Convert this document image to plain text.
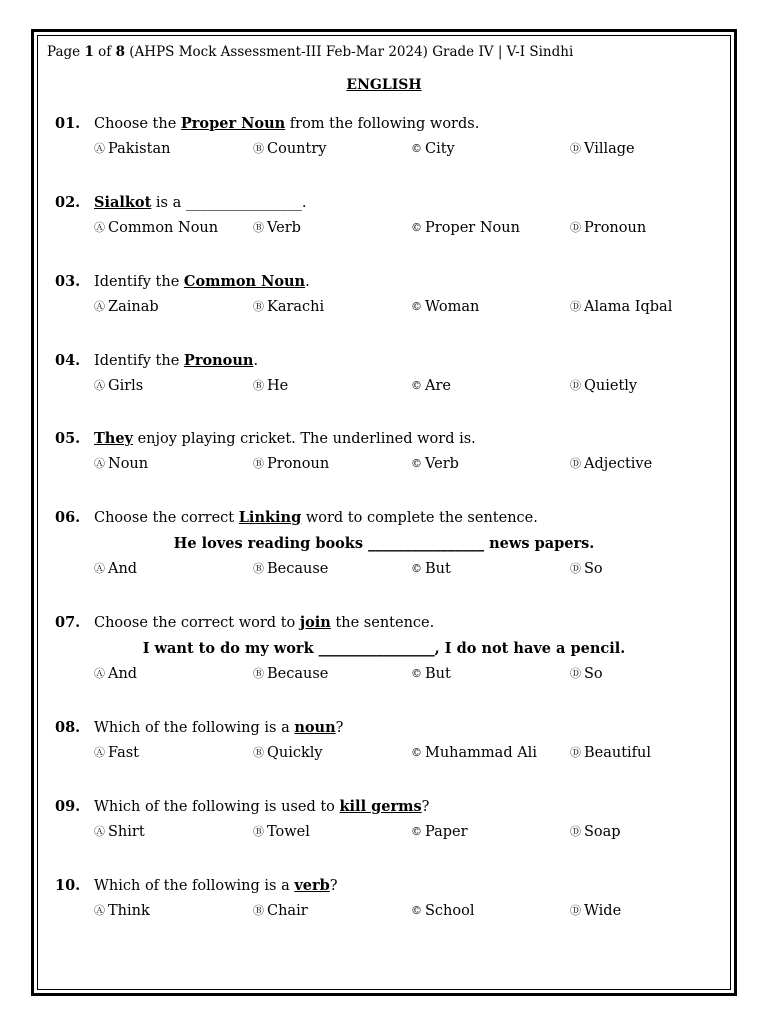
Page 1 of 8 (AHPS Mock Assessment-III Feb-Mar 2024) Grade IV | V-I Sindhi
ENGLISH
01. Choose the Proper Noun from the following words.
Ⓐ Pakistan	Ⓑ Country	© City	Ⓓ Village
02. Sialkot is a ________________.
Ⓐ Common Noun	Ⓑ Verb	© Proper Noun	Ⓓ Pronoun
03. Identify the Common Noun.
Ⓐ Zainab	Ⓑ Karachi	© Woman	Ⓓ Alama Iqbal
04. Identify the Pronoun.
Ⓐ Girls	Ⓑ He	© Are	Ⓓ Quietly
05. They enjoy playing cricket. The underlined word is.
Ⓐ Noun	Ⓑ Pronoun	© Verb	Ⓓ Adjective
06. Choose the correct Linking word to complete the sentence.
He loves reading books ________________ news papers.
Ⓐ And	Ⓑ Because	© But	Ⓓ So
07. Choose the correct word to join the sentence.
I want to do my work ________________, I do not have a pencil.
Ⓐ And	Ⓑ Because	© But	Ⓓ So
08. Which of the following is a noun?
Ⓐ Fast	Ⓑ Quickly	© Muhammad Ali	Ⓓ Beautiful
09. Which of the following is used to kill germs?
Ⓐ Shirt	Ⓑ Towel	© Paper	Ⓓ Soap
10. Which of the following is a verb?
Ⓐ Think	Ⓑ Chair	© School	Ⓓ Wide
